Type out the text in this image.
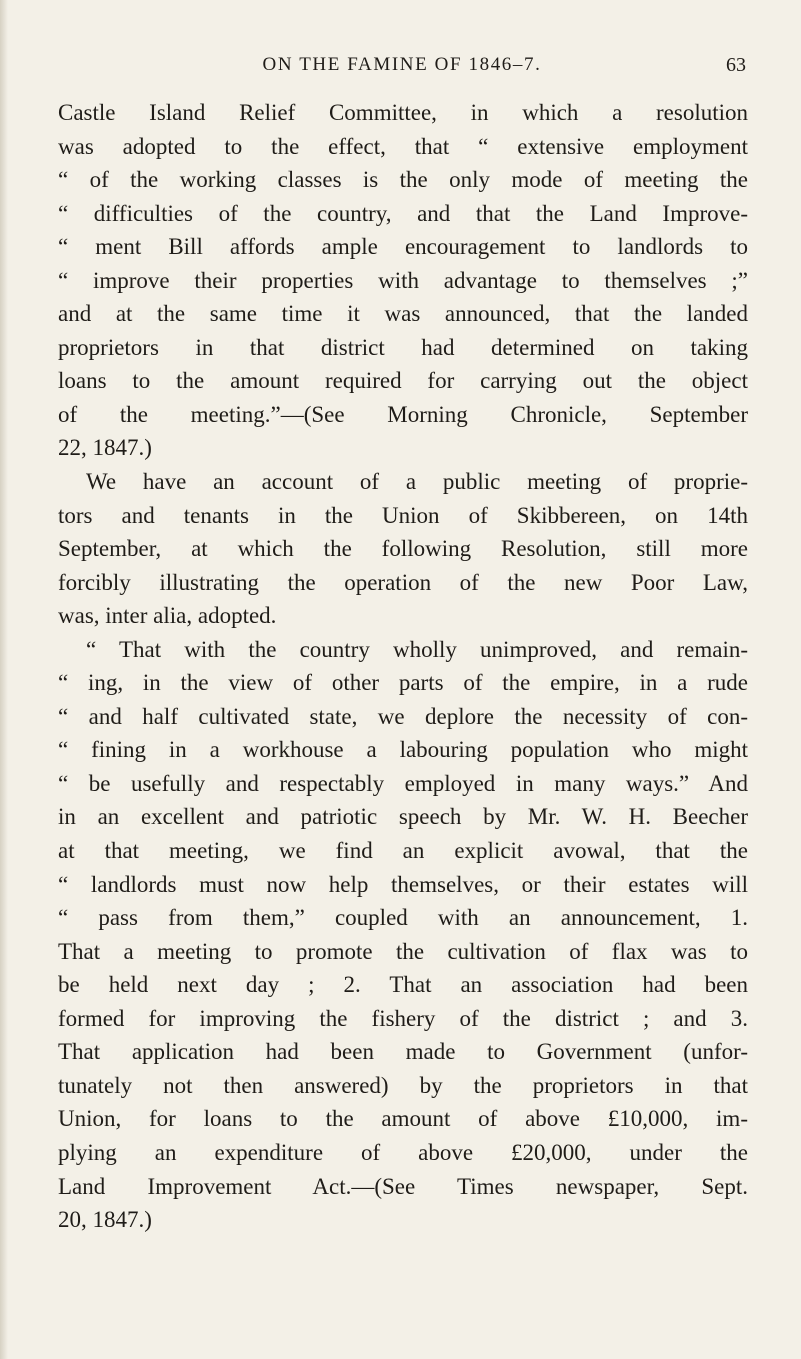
ON THE FAMINE OF 1846–7.	63
Castle Island Relief Committee, in which a resolution
was adopted to the effect, that “ extensive employment
“ of the working classes is the only mode of meeting the
“ difficulties of the country, and that the Land Improve-
“ ment Bill affords ample encouragement to landlords to
“ improve their properties with advantage to themselves ;”
and at the same time it was announced, that the landed
proprietors in that district had determined on taking
loans to the amount required for carrying out the object
of the meeting.”—(See Morning Chronicle, September
22, 1847.)
We have an account of a public meeting of proprie-
tors and tenants in the Union of Skibbereen, on 14th
September, at which the following Resolution, still more
forcibly illustrating the operation of the new Poor Law,
was, inter alia, adopted.
“ That with the country wholly unimproved, and remain-
“ ing, in the view of other parts of the empire, in a rude
“ and half cultivated state, we deplore the necessity of con-
“ fining in a workhouse a labouring population who might
“ be usefully and respectably employed in many ways.” And
in an excellent and patriotic speech by Mr. W. H. Beecher
at that meeting, we find an explicit avowal, that the
“ landlords must now help themselves, or their estates will
“ pass from them,” coupled with an announcement, 1.
That a meeting to promote the cultivation of flax was to
be held next day ; 2. That an association had been
formed for improving the fishery of the district ; and 3.
That application had been made to Government (unfor-
tunately not then answered) by the proprietors in that
Union, for loans to the amount of above £10,000, im-
plying an expenditure of above £20,000, under the
Land Improvement Act.—(See Times newspaper, Sept.
20, 1847.)
